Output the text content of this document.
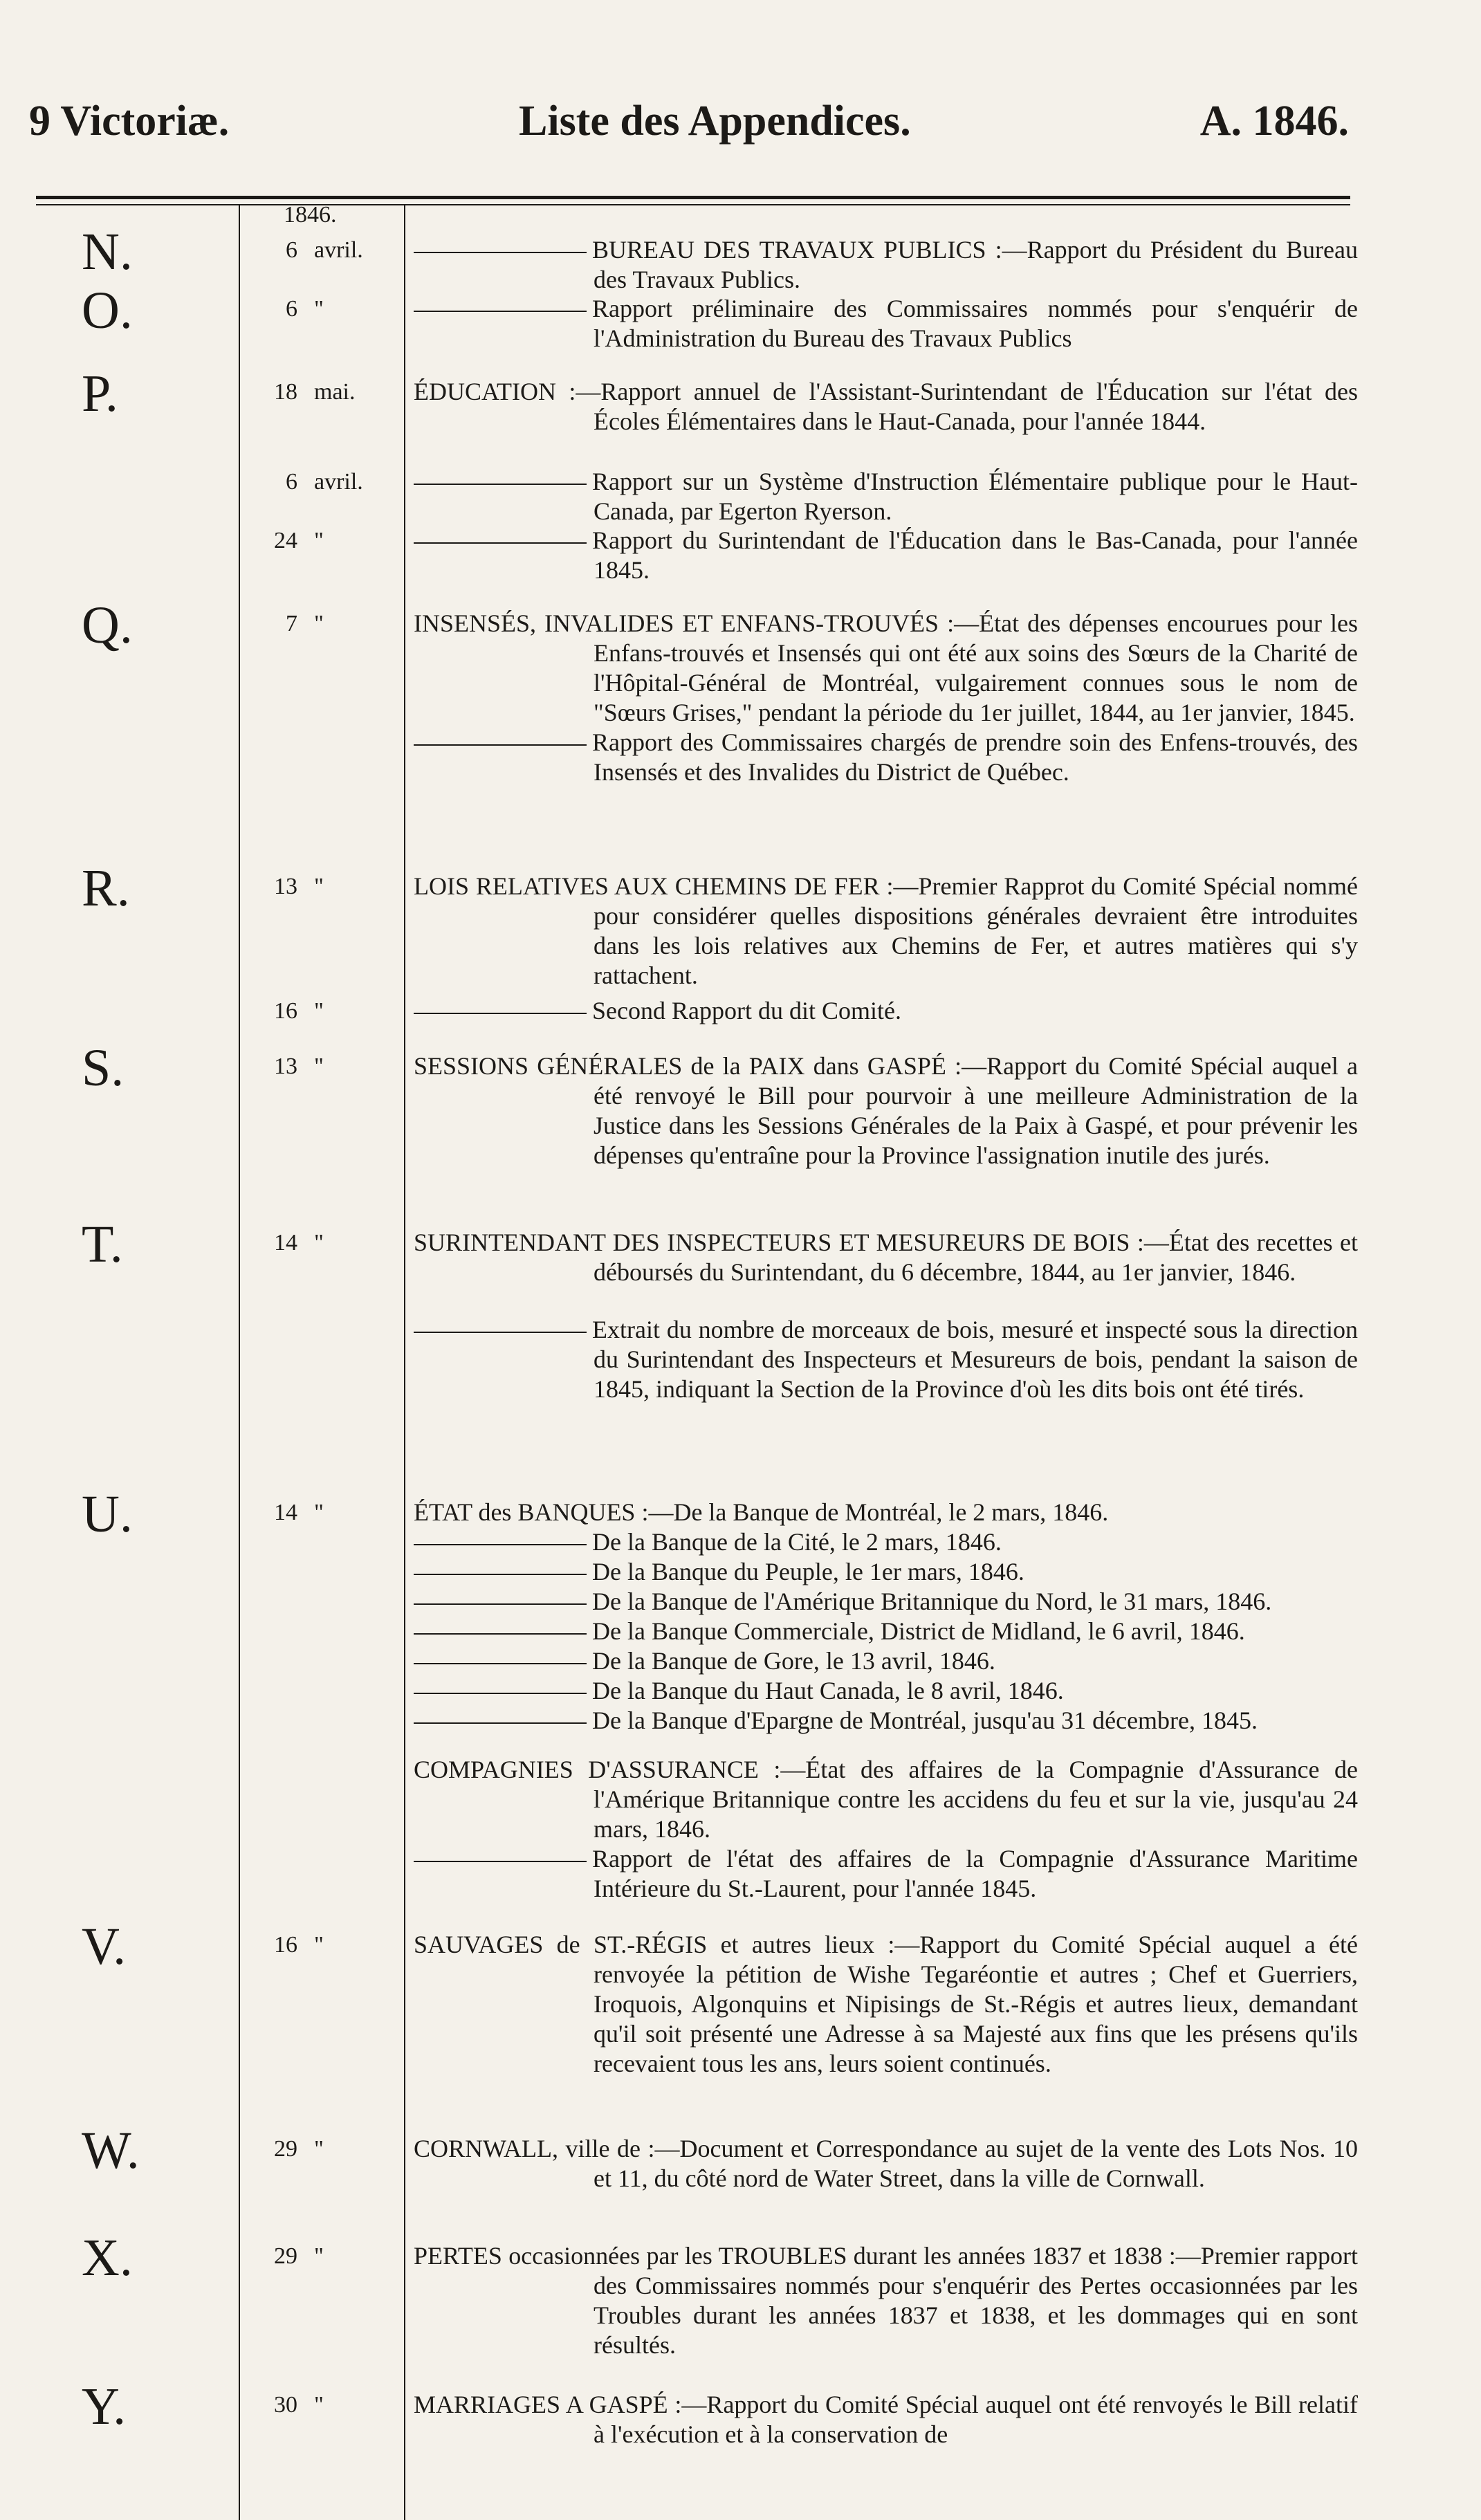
9 Victoriæ.	Liste des Appendices.	A. 1846.
1846.
N.	6 avril.	BUREAU DES TRAVAUX PUBLICS :—Rapport du Président du Bureau des Travaux Publics.

O.	6 "	Rapport préliminaire des Commissaires nommés pour s'enquérir de l'Administration du Bureau des Travaux Publics

P.	18 mai.	ÉDUCATION :—Rapport annuel de l'Assistant-Surintendant de l'Éducation sur l'état des Écoles Élémentaires dans le Haut-Canada, pour l'année 1844.

6 avril.	Rapport sur un Système d'Instruction Élémentaire publique pour le Haut-Canada, par Egerton Ryerson.

24 "	Rapport du Surintendant de l'Éducation dans le Bas-Canada, pour l'année 1845.

Q.	7 "	INSENSÉS, INVALIDES ET ENFANS-TROUVÉS :—État des dépenses encourues pour les Enfans-trouvés et Insensés qui ont été aux soins des Sœurs de la Charité de l'Hôpital-Général de Montréal, vulgairement connues sous le nom de "Sœurs Grises," pendant la période du 1er juillet, 1844, au 1er janvier, 1845.

Rapport des Commissaires chargés de prendre soin des Enfens-trouvés, des Insensés et des Invalides du District de Québec.

R.	13 "	LOIS RELATIVES AUX CHEMINS DE FER :—Premier Rapprot du Comité Spécial nommé pour considérer quelles dispositions générales devraient être introduites dans les lois relatives aux Chemins de Fer, et autres matières qui s'y rattachent.

16 "	Second Rapport du dit Comité.

S.	13 "	SESSIONS GÉNÉRALES de la PAIX dans GASPÉ :—Rapport du Comité Spécial auquel a été renvoyé le Bill pour pourvoir à une meilleure Administration de la Justice dans les Sessions Générales de la Paix à Gaspé, et pour prévenir les dépenses qu'entraîne pour la Province l'assignation inutile des jurés.

T.	14 "	SURINTENDANT DES INSPECTEURS ET MESUREURS DE BOIS :—État des recettes et déboursés du Surintendant, du 6 décembre, 1844, au 1er janvier, 1846.

Extrait du nombre de morceaux de bois, mesuré et inspecté sous la direction du Surintendant des Inspecteurs et Mesureurs de bois, pendant la saison de 1845, indiquant la Section de la Province d'où les dits bois ont été tirés.

U.	14 "	ÉTAT des BANQUES :—De la Banque de Montréal, le 2 mars, 1846.

De la Banque de la Cité, le 2 mars, 1846.

De la Banque du Peuple, le 1er mars, 1846.

De la Banque de l'Amérique Britannique du Nord, le 31 mars, 1846.

De la Banque Commerciale, District de Midland, le 6 avril, 1846.

De la Banque de Gore, le 13 avril, 1846.

De la Banque du Haut Canada, le 8 avril, 1846.

De la Banque d'Epargne de Montréal, jusqu'au 31 décembre, 1845.

COMPAGNIES D'ASSURANCE :—État des affaires de la Compagnie d'Assurance de l'Amérique Britannique contre les accidens du feu et sur la vie, jusqu'au 24 mars, 1846.

Rapport de l'état des affaires de la Compagnie d'Assurance Maritime Intérieure du St.-Laurent, pour l'année 1845.

V.	16 "	SAUVAGES de ST.-RÉGIS et autres lieux :—Rapport du Comité Spécial auquel a été renvoyée la pétition de Wishe Tegaréontie et autres ; Chef et Guerriers, Iroquois, Algonquins et Nipisings de St.-Régis et autres lieux, demandant qu'il soit présenté une Adresse à sa Majesté aux fins que les présens qu'ils recevaient tous les ans, leurs soient continués.

W.	29 "	CORNWALL, ville de :—Document et Correspondance au sujet de la vente des Lots Nos. 10 et 11, du côté nord de Water Street, dans la ville de Cornwall.

X.	29 "	PERTES occasionnées par les TROUBLES durant les années 1837 et 1838 :—Premier rapport des Commissaires nommés pour s'enquérir des Pertes occasionnées par les Troubles durant les années 1837 et 1838, et les dommages qui en sont résultés.

Y.	30 "	MARRIAGES A GASPÉ :—Rapport du Comité Spécial auquel ont été renvoyés le Bill relatif à l'exécution et à la conservation de
